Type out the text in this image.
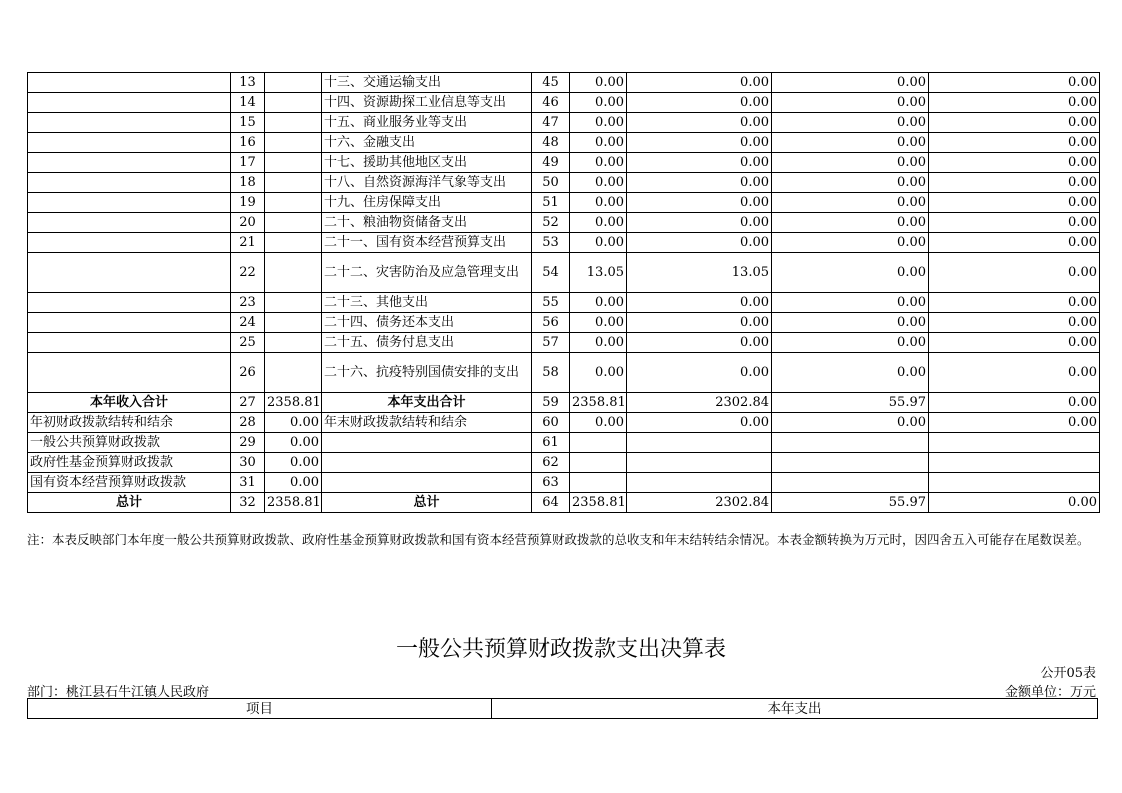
	13		十三、交通运输支出	45	0.00	0.00	0.00	0.00
	14		十四、资源勘探工业信息等支出	46	0.00	0.00	0.00	0.00
	15		十五、商业服务业等支出	47	0.00	0.00	0.00	0.00
	16		十六、金融支出	48	0.00	0.00	0.00	0.00
	17		十七、援助其他地区支出	49	0.00	0.00	0.00	0.00
	18		十八、自然资源海洋气象等支出	50	0.00	0.00	0.00	0.00
	19		十九、住房保障支出	51	0.00	0.00	0.00	0.00
	20		二十、粮油物资储备支出	52	0.00	0.00	0.00	0.00
	21		二十一、国有资本经营预算支出	53	0.00	0.00	0.00	0.00
	22		二十二、灾害防治及应急管理支出	54	13.05	13.05	0.00	0.00
	23		二十三、其他支出	55	0.00	0.00	0.00	0.00
	24		二十四、债务还本支出	56	0.00	0.00	0.00	0.00
	25		二十五、债务付息支出	57	0.00	0.00	0.00	0.00
	26		二十六、抗疫特别国债安排的支出	58	0.00	0.00	0.00	0.00
本年收入合计	27	2358.81	本年支出合计	59	2358.81	2302.84	55.97	0.00
年初财政拨款结转和结余	28	0.00	年末财政拨款结转和结余	60	0.00	0.00	0.00	0.00
一般公共预算财政拨款	29	0.00		61				
政府性基金预算财政拨款	30	0.00		62				
国有资本经营预算财政拨款	31	0.00		63				
总计	32	2358.81	总计	64	2358.81	2302.84	55.97	0.00
注：本表反映部门本年度一般公共预算财政拨款、政府性基金预算财政拨款和国有资本经营预算财政拨款的总收支和年末结转结余情况。本表金额转换为万元时，因四舍五入可能存在尾数误差。
一般公共预算财政拨款支出决算表
公开05表
部门：桃江县石牛江镇人民政府	金额单位：万元
项目	本年支出
